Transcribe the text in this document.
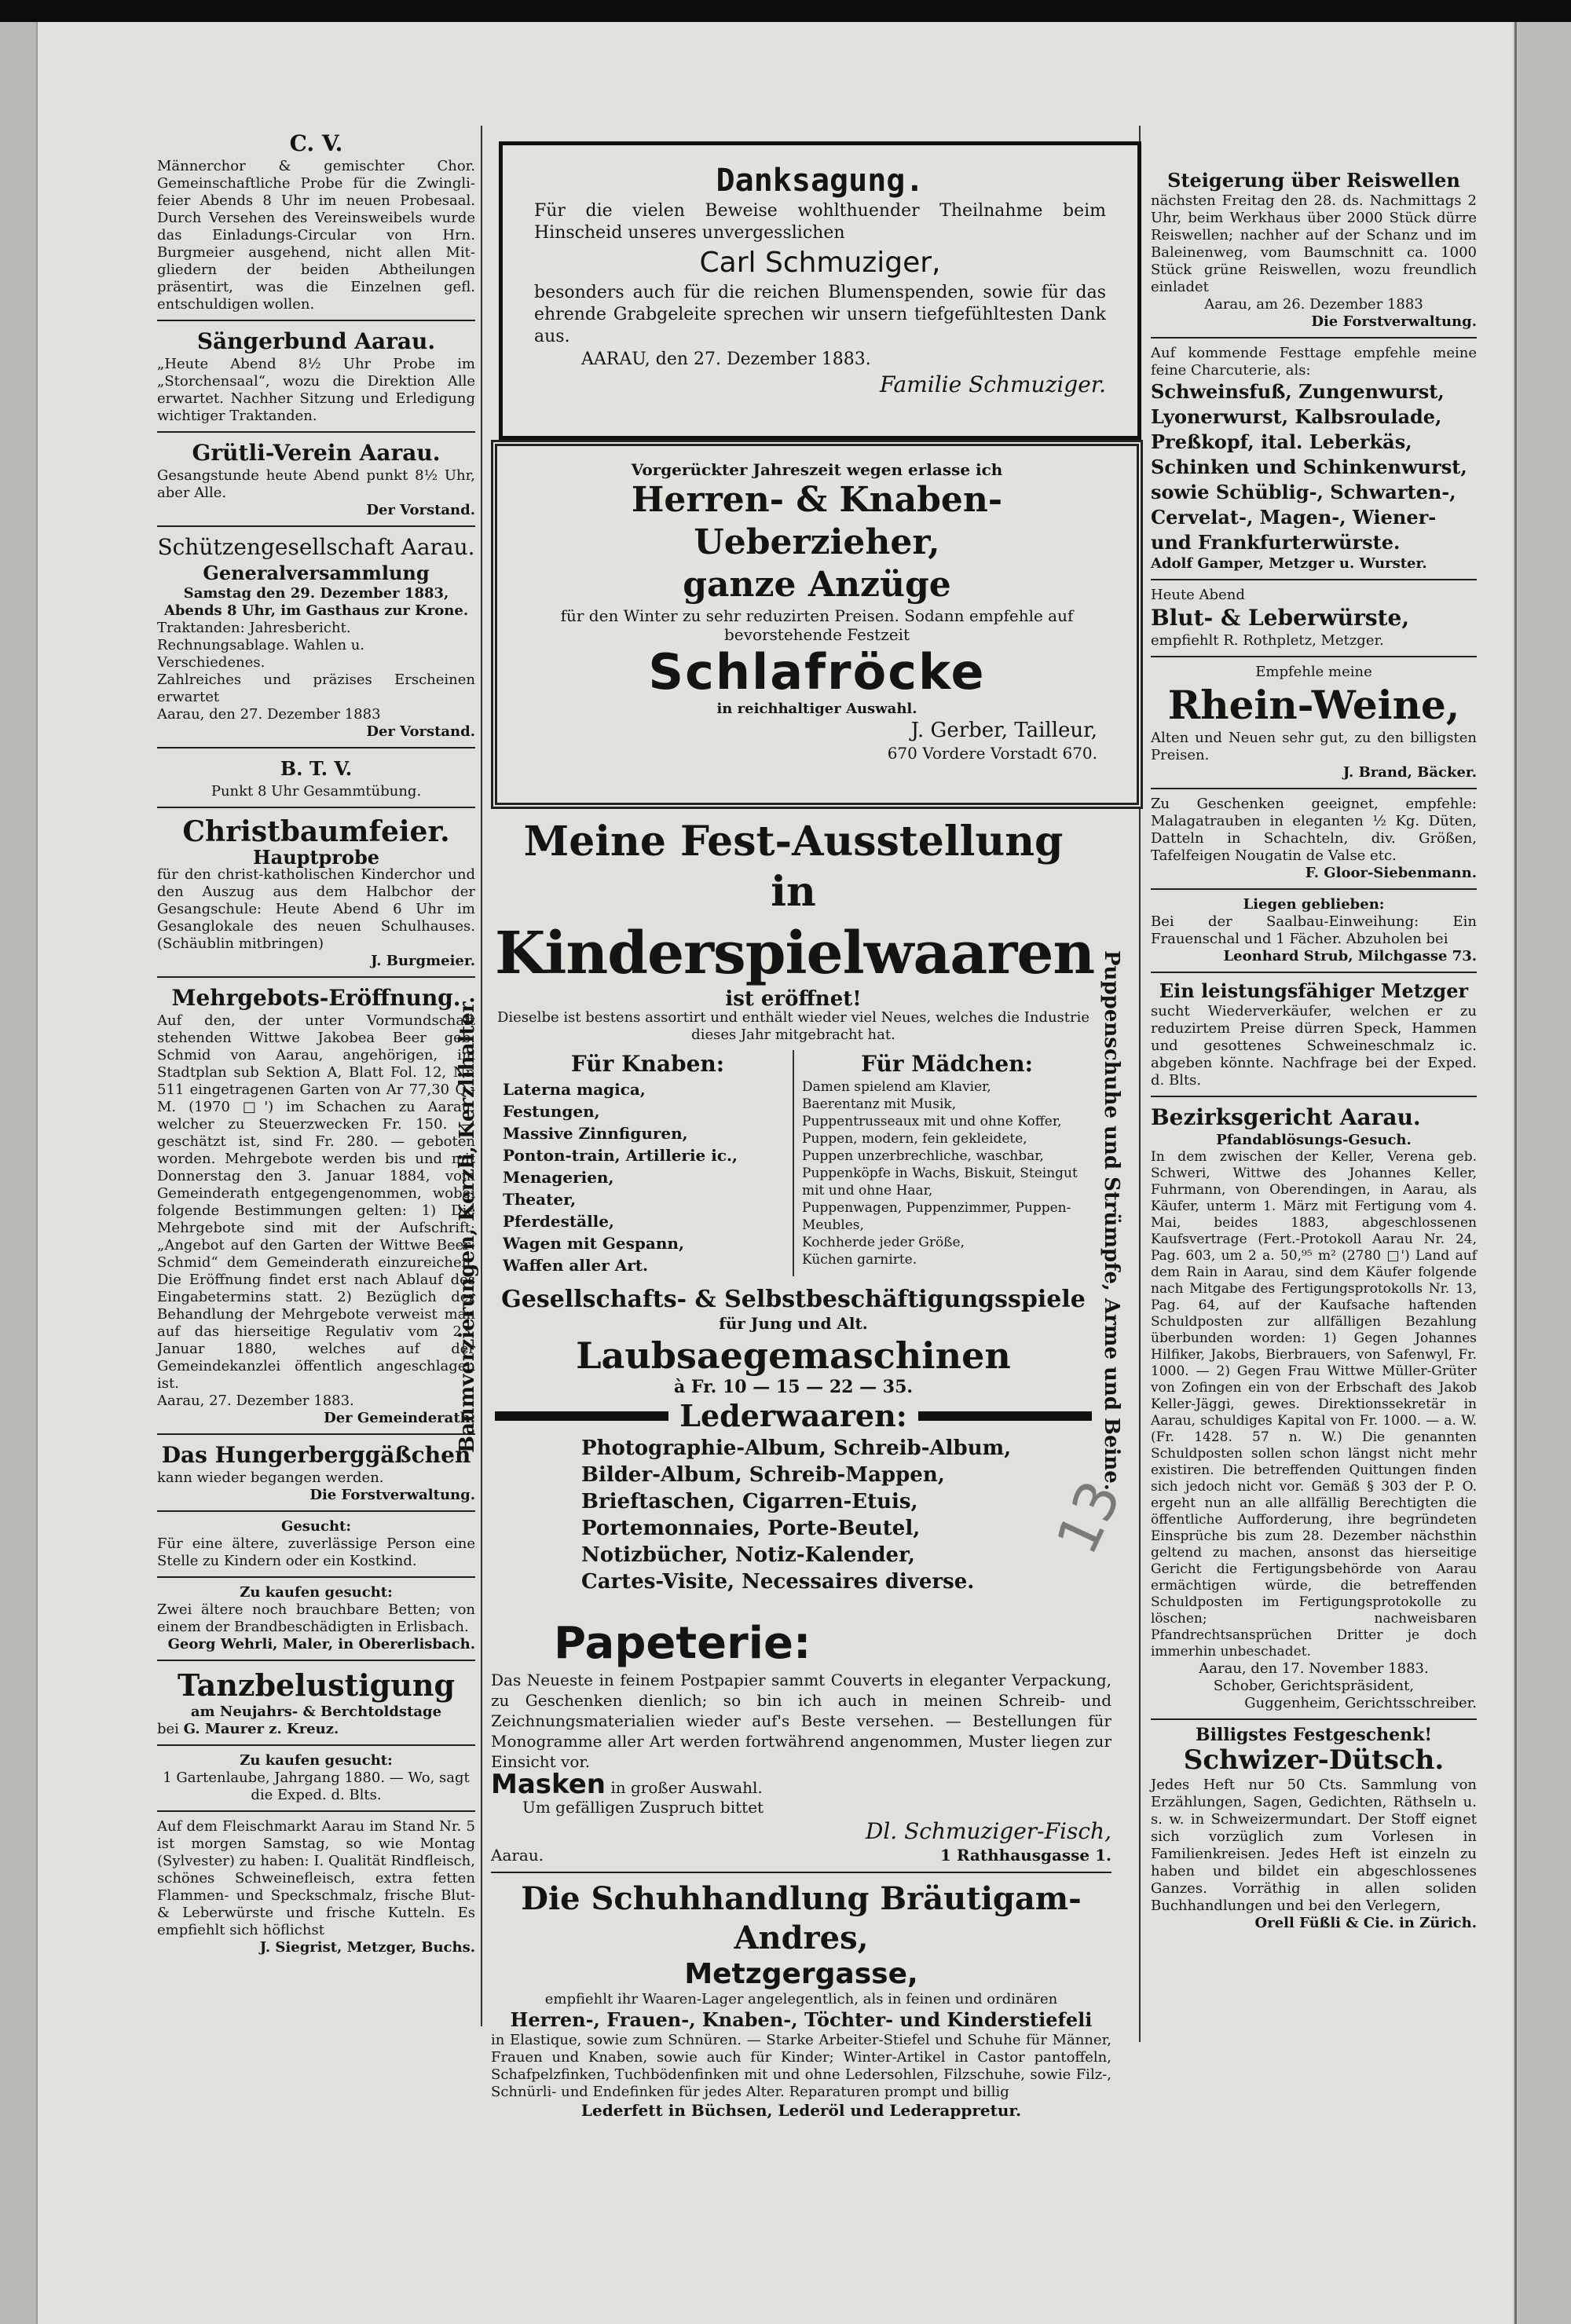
C. V.

Männerchor & gemischter Chor. Gemeinschaftliche Probe für die Zwingli-feier Abends 8 Uhr im neuen Probesaal. Durch Versehen des Vereinsweibels wurde das Einladungs-Circular von Hrn. Burgmeier ausgehend, nicht allen Mit-gliedern der beiden Abtheilungen präsentirt, was die Einzelnen gefl. entschuldigen wollen.

Sängerbund Aarau.

„Heute Abend 8½ Uhr Probe im „Storchensaal“, wozu die Direktion Alle erwartet. Nachher Sitzung und Erledigung wichtiger Traktanden.

Grütli-Verein Aarau.

Gesangstunde heute Abend punkt 8½ Uhr, aber Alle.

Der Vorstand.

Schützengesellschaft Aarau.

Generalversammlung

Samstag den 29. Dezember 1883, Abends 8 Uhr, im Gasthaus zur Krone.

Traktanden: Jahresbericht. Rechnungsablage. Wahlen u. Verschiedenes.

Zahlreiches und präzises Erscheinen erwartet

Aarau, den 27. Dezember 1883

Der Vorstand.

B. T. V.

Punkt 8 Uhr Gesammtübung.

Christbaumfeier.

Hauptprobe

für den christ-katholischen Kinderchor und den Auszug aus dem Halbchor der Gesangschule: Heute Abend 6 Uhr im Gesanglokale des neuen Schulhauses. (Schäublin mitbringen)

J. Burgmeier.

Mehrgebots-Eröffnung.

Auf den, der unter Vormundschaft stehenden Wittwe Jakobea Beer geb. Schmid von Aarau, angehörigen, im Stadtplan sub Sektion A, Blatt Fol. 12, Nr. 511 eingetragenen Garten von Ar 77,30 Q.-M. (1970 □') im Schachen zu Aarau, welcher zu Steuerzwecken Fr. 150. — geschätzt ist, sind Fr. 280. — geboten worden. Mehrgebote werden bis und mit Donnerstag den 3. Januar 1884, vom Gemeinderath entgegengenommen, wobei folgende Bestimmungen gelten: 1) Die Mehrgebote sind mit der Aufschrift: „Angebot auf den Garten der Wittwe Beer-Schmid“ dem Gemeinderath einzureichen. Die Eröffnung findet erst nach Ablauf des Eingabetermins statt. 2) Bezüglich der Behandlung der Mehrgebote verweist man auf das hierseitige Regulativ vom 23. Januar 1880, welches auf der Gemeindekanzlei öffentlich angeschlagen ist.

Aarau, 27. Dezember 1883.

Der Gemeinderath.

Das Hungerberggäßchen

kann wieder begangen werden.

Die Forstverwaltung.

Gesucht:

Für eine ältere, zuverlässige Person eine Stelle zu Kindern oder ein Kostkind.

Zu kaufen gesucht:

Zwei ältere noch brauchbare Betten; von einem der Brandbeschädigten in Erlisbach.

Georg Wehrli, Maler, in Obererlisbach.

Tanzbelustigung

am Neujahrs- & Berchtoldstage

bei G. Maurer z. Kreuz.

Zu kaufen gesucht:

1 Gartenlaube, Jahrgang 1880. — Wo, sagt die Exped. d. Blts.

Auf dem Fleischmarkt Aarau im Stand Nr. 5 ist morgen Samstag, so wie Montag (Sylvester) zu haben: I. Qualität Rindfleisch, schönes Schweinefleisch, extra fetten Flammen- und Speckschmalz, frische Blut- & Leberwürste und frische Kutteln. Es empfiehlt sich höflichst

J. Siegrist, Metzger, Buchs.

Danksagung.

Für die vielen Beweise wohlthuender Theilnahme beim Hinscheid unseres unvergesslichen

Carl Schmuziger,

besonders auch für die reichen Blumenspenden, sowie für das ehrende Grabgeleite sprechen wir unsern tiefgefühltesten Dank aus.

AARAU, den 27. Dezember 1883.

Familie Schmuziger.

Vorgerückter Jahreszeit wegen erlasse ich

Herren- & Knaben-Ueberzieher,

ganze Anzüge

für den Winter zu sehr reduzirten Preisen. Sodann empfehle auf bevorstehende Festzeit

Schlafröcke

in reichhaltiger Auswahl.

J. Gerber, Tailleur,

670 Vordere Vorstadt 670.

Baumverzierungen, Kerzli, Kerzlihalter.	Puppenschuhe und Strümpfe, Arme und Beine.

Meine Fest-Ausstellung in

Kinderspielwaaren

ist eröffnet!

Dieselbe ist bestens assortirt und enthält wieder viel Neues, welches die Industrie dieses Jahr mitgebracht hat.

Für Knaben:

Laterna magica,

Festungen,

Massive Zinnfiguren,

Ponton-train, Artillerie ic.,

Menagerien,

Theater,

Pferdeställe,

Wagen mit Gespann,

Waffen aller Art.

Für Mädchen:

Damen spielend am Klavier,

Baerentanz mit Musik,

Puppentrusseaux mit und ohne Koffer,

Puppen, modern, fein gekleidete,

Puppen unzerbrechliche, waschbar,

Puppenköpfe in Wachs, Biskuit, Steingut mit und ohne Haar,

Puppenwagen, Puppenzimmer, Puppen-Meubles,

Kochherde jeder Größe,

Küchen garnirte.

Gesellschafts- & Selbstbeschäftigungsspiele

für Jung und Alt.

Laubsaegemaschinen

à Fr. 10 — 15 — 22 — 35.

Lederwaaren:

Photographie-Album, Schreib-Album,

Bilder-Album, Schreib-Mappen,

Brieftaschen, Cigarren-Etuis,

Portemonnaies, Porte-Beutel,

Notizbücher, Notiz-Kalender,

Cartes-Visite, Necessaires diverse.

Papeterie:

Das Neueste in feinem Postpapier sammt Couverts in eleganter Verpackung, zu Geschenken dienlich; so bin ich auch in meinen Schreib- und Zeichnungsmaterialien wieder auf's Beste versehen. — Bestellungen für Monogramme aller Art werden fortwährend angenommen, Muster liegen zur Einsicht vor.

Masken in großer Auswahl.

Um gefälligen Zuspruch bittet

Dl. Schmuziger-Fisch,

Aarau.	1 Rathhausgasse 1.

Die Schuhhandlung Bräutigam-Andres,

Metzgergasse,

empfiehlt ihr Waaren-Lager angelegentlich, als in feinen und ordinären

Herren-, Frauen-, Knaben-, Töchter- und Kinderstiefeli

in Elastique, sowie zum Schnüren. — Starke Arbeiter-Stiefel und Schuhe für Männer, Frauen und Knaben, sowie auch für Kinder; Winter-Artikel in Castor pantoffeln, Schafpelzfinken, Tuchbödenfinken mit und ohne Ledersohlen, Filzschuhe, sowie Filz-, Schnürli- und Endefinken für jedes Alter. Reparaturen prompt und billig

Lederfett in Büchsen, Lederöl und Lederappretur.

Steigerung über Reiswellen

nächsten Freitag den 28. ds. Nachmittags 2 Uhr, beim Werkhaus über 2000 Stück dürre Reiswellen; nachher auf der Schanz und im Baleinenweg, vom Baumschnitt ca. 1000 Stück grüne Reiswellen, wozu freundlich einladet

Aarau, am 26. Dezember 1883

Die Forstverwaltung.

Auf kommende Festtage empfehle meine feine Charcuterie, als:

Schweinsfuß, Zungenwurst, Lyonerwurst, Kalbsroulade, Preßkopf, ital. Leberkäs, Schinken und Schinkenwurst, sowie Schüblig-, Schwarten-, Cervelat-, Magen-, Wiener- und Frankfurterwürste.

Adolf Gamper, Metzger u. Wurster.

Heute Abend

Blut- & Leberwürste,

empfiehlt R. Rothpletz, Metzger.

Empfehle meine

Rhein-Weine,

Alten und Neuen sehr gut, zu den billigsten Preisen.

J. Brand, Bäcker.

Zu Geschenken geeignet, empfehle: Malagatrauben in eleganten ½ Kg. Düten, Datteln in Schachteln, div. Größen, Tafelfeigen Nougatin de Valse etc.

F. Gloor-Siebenmann.

Liegen geblieben:

Bei der Saalbau-Einweihung: Ein Frauenschal und 1 Fächer. Abzuholen bei

Leonhard Strub, Milchgasse 73.

Ein leistungsfähiger Metzger

sucht Wiederverkäufer, welchen er zu reduzirtem Preise dürren Speck, Hammen und gesottenes Schweineschmalz ic. abgeben könnte. Nachfrage bei der Exped. d. Blts.

Bezirksgericht Aarau.

Pfandablösungs-Gesuch.

In dem zwischen der Keller, Verena geb. Schweri, Wittwe des Johannes Keller, Fuhrmann, von Oberendingen, in Aarau, als Käufer, unterm 1. März mit Fertigung vom 4. Mai, beides 1883, abgeschlossenen Kaufsvertrage (Fert.-Protokoll Aarau Nr. 24, Pag. 603, um 2 a. 50,⁹⁵ m² (2780 □') Land auf dem Rain in Aarau, sind dem Käufer folgende nach Mitgabe des Fertigungsprotokolls Nr. 13, Pag. 64, auf der Kaufsache haftenden Schuldposten zur allfälligen Bezahlung überbunden worden: 1) Gegen Johannes Hilfiker, Jakobs, Bierbrauers, von Safenwyl, Fr. 1000. — 2) Gegen Frau Wittwe Müller-Grüter von Zofingen ein von der Erbschaft des Jakob Keller-Jäggi, gewes. Direktionssekretär in Aarau, schuldiges Kapital von Fr. 1000. — a. W. (Fr. 1428. 57 n. W.) Die genannten Schuldposten sollen schon längst nicht mehr existiren. Die betreffenden Quittungen finden sich jedoch nicht vor. Gemäß § 303 der P. O. ergeht nun an alle allfällig Berechtigten die öffentliche Aufforderung, ihre begründeten Einsprüche bis zum 28. Dezember nächsthin geltend zu machen, ansonst das hierseitige Gericht die Fertigungsbehörde von Aarau ermächtigen würde, die betreffenden Schuldposten im Fertigungsprotokolle zu löschen; nachweisbaren Pfandrechtsansprüchen Dritter je doch immerhin unbeschadet.

Aarau, den 17. November 1883.

Schober, Gerichtspräsident,

Guggenheim, Gerichtsschreiber.

Billigstes Festgeschenk!

Schwizer-Dütsch.

Jedes Heft nur 50 Cts. Sammlung von Erzählungen, Sagen, Gedichten, Räthseln u. s. w. in Schweizermundart. Der Stoff eignet sich vorzüglich zum Vorlesen in Familienkreisen. Jedes Heft ist einzeln zu haben und bildet ein abgeschlossenes Ganzes. Vorräthig in allen soliden Buchhandlungen und bei den Verlegern,

Orell Füßli & Cie. in Zürich.

13
